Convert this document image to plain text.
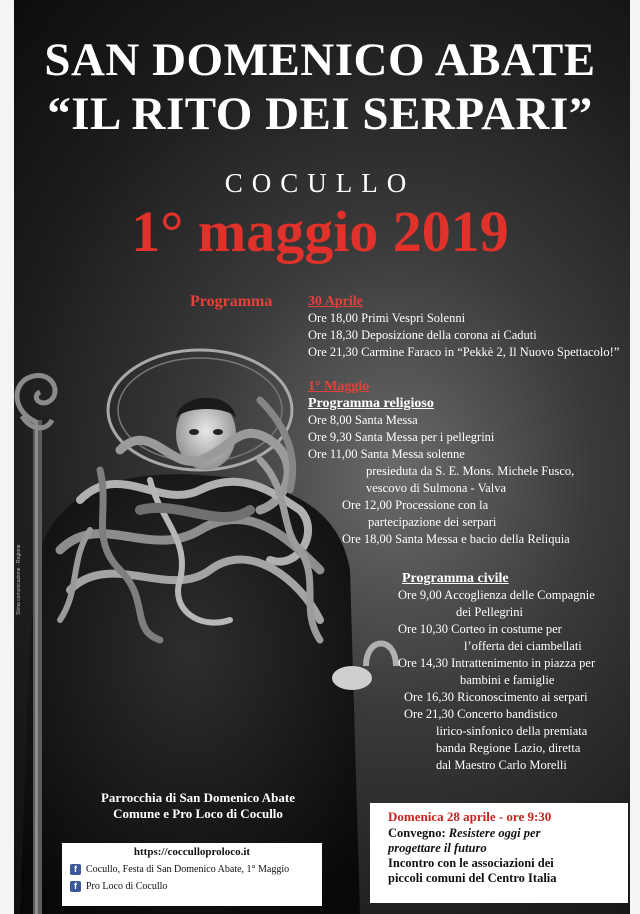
SAN DOMENICO ABATE
“IL RITO DEI SERPARI”
COCULLO
1° maggio 2019
Programma	30 Aprile
Ore 18,00 Primi Vespri Solenni
Ore 18,30 Deposizione della corona ai Caduti
Ore 21,30 Carmine Faraco in “Pekkè 2, Il Nuovo Spettacolo!”
1° Maggio
Programma religioso
Ore 8,00 Santa Messa
Ore 9,30 Santa Messa per i pellegrini
Ore 11,00 Santa Messa solenne
presieduta da S. E. Mons. Michele Fusco,
vescovo di Sulmona - Valva
Ore 12,00 Processione con la
partecipazione dei serpari
Ore 18,00 Santa Messa e bacio della Reliquia
Programma civile
Ore 9,00 Accoglienza delle Compagnie
dei Pellegrini
Ore 10,30 Corteo in costume per
l’offerta dei ciambellati
Ore 14,30 Intrattenimento in piazza per
bambini e famiglie
Ore 16,30 Riconoscimento ai serpari
Ore 21,30 Concerto bandistico
lirico-sinfonico della premiata
banda Regione Lazio, diretta
dal Maestro Carlo Morelli
Parrocchia di San Domenico Abate
Comune e Pro Loco di Cocullo
https://cocculloproloco.it
f Cocullo, Festa di San Domenico Abate, 1° Maggio
f Pro Loco di Cocullo
Domenica 28 aprile - ore 9:30
Convegno: Resistere oggi per
progettare il futuro
Incontro con le associazioni dei
piccoli comuni del Centro Italia
Stima comunicazione · Regione
